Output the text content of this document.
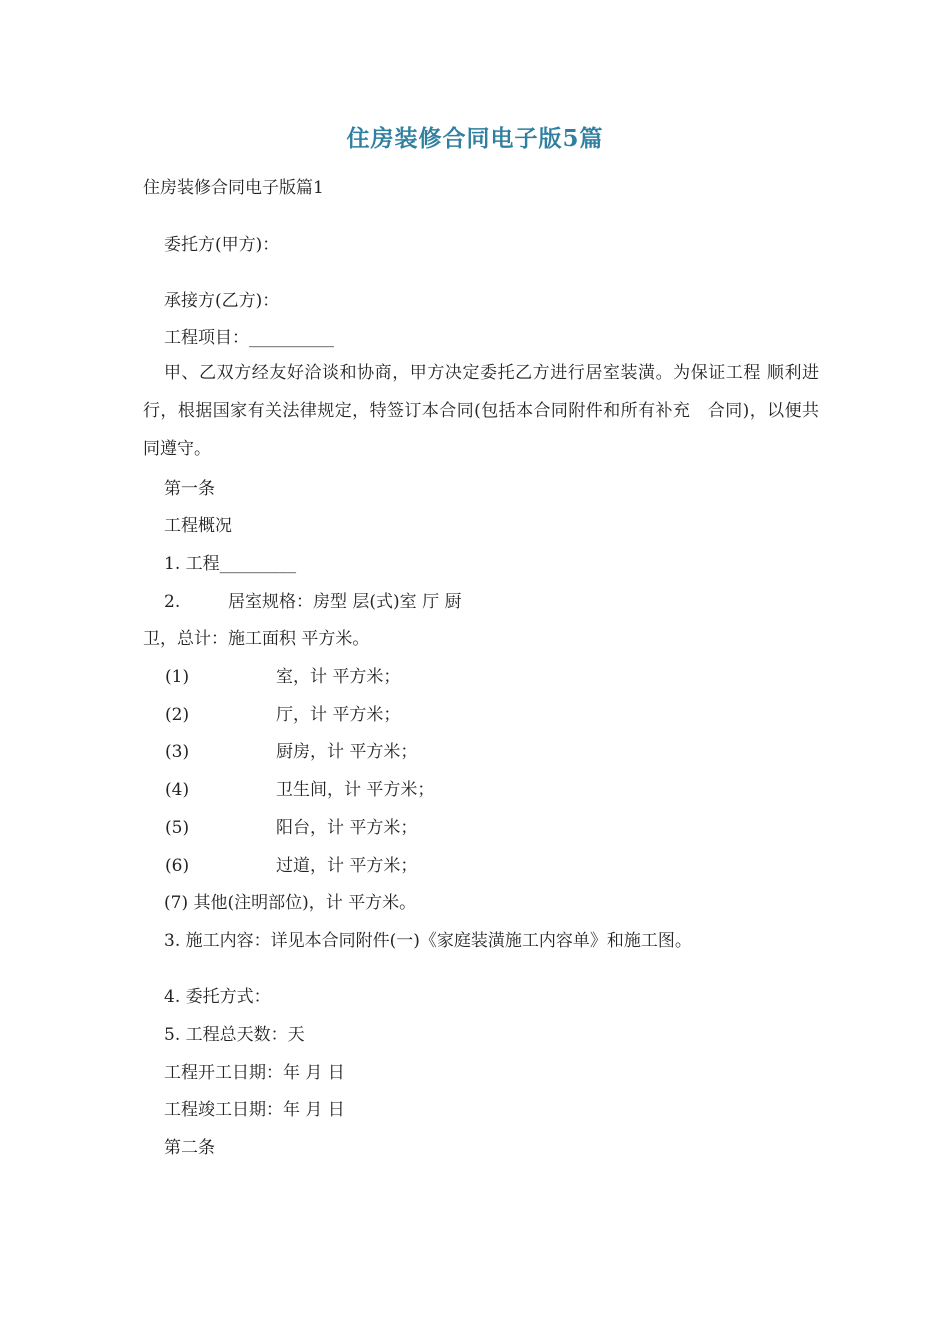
住房装修合同电子版5篇
住房装修合同电子版篇1
委托方(甲方)：
承接方(乙方)：
工程项目：__________
甲、乙双方经友好洽谈和协商，甲方决定委托乙方进行居室装潢。为保证工程 顺利进行，根据国家有关法律规定，特签订本合同(包括本合同附件和所有补充　合同)，以便共同遵守。
第一条
工程概况
1. 工程_________
2.	居室规格：房型 层(式)室 厅 厨
卫，总计：施工面积 平方米。
(1)	室，计 平方米；
(2)	厅，计 平方米；
(3)	厨房，计 平方米；
(4)	卫生间，计 平方米；
(5)	阳台，计 平方米；
(6)	过道，计 平方米；
(7) 其他(注明部位)，计 平方米。
3. 施工内容：详见本合同附件(一)《家庭装潢施工内容单》和施工图。
4. 委托方式：
5. 工程总天数：天
工程开工日期：年 月 日
工程竣工日期：年 月 日
第二条
